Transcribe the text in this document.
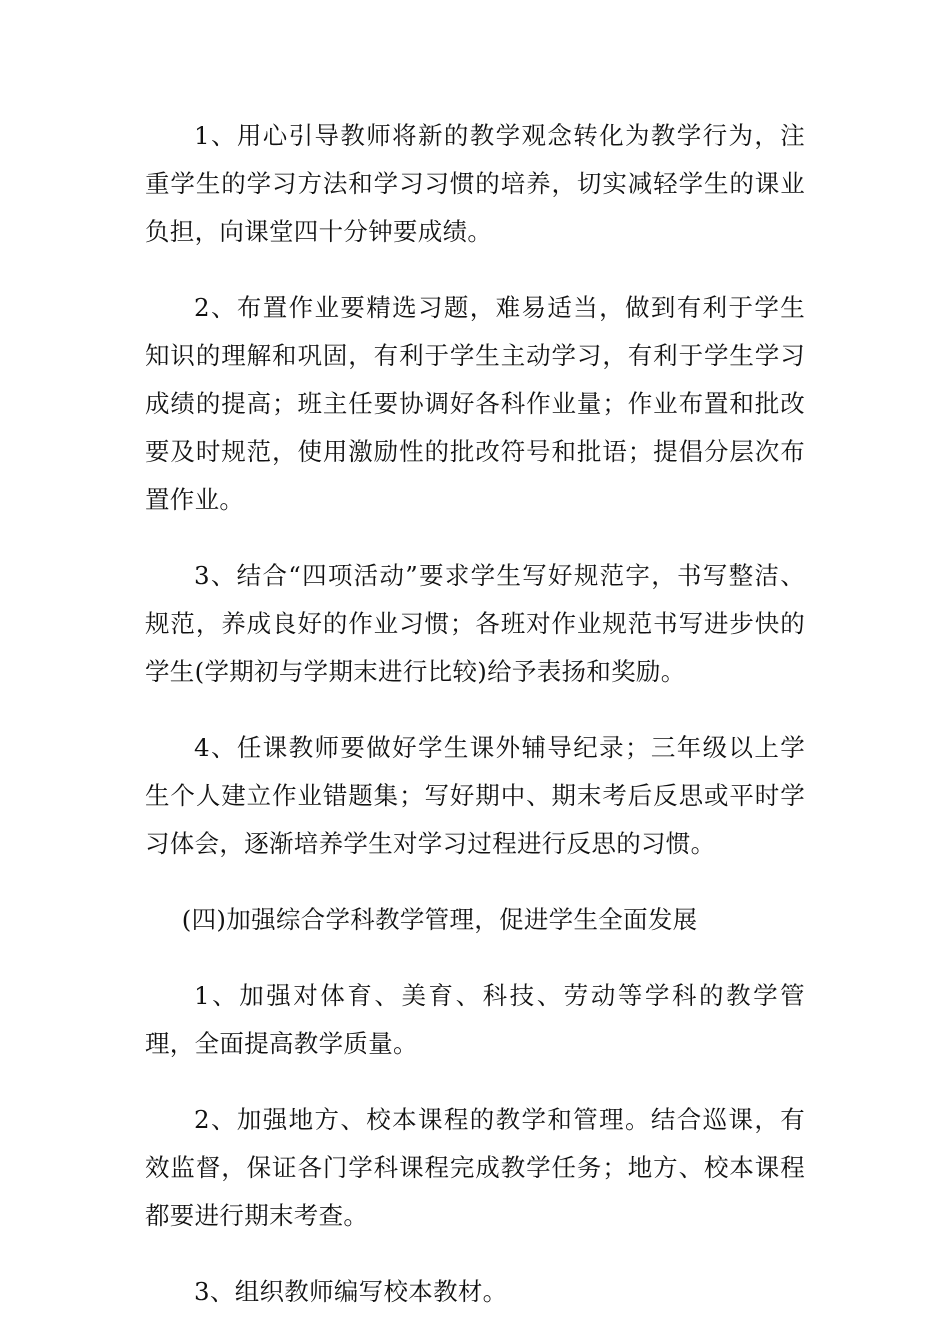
1、用心引导教师将新的教学观念转化为教学行为，注重学生的学习方法和学习习惯的培养，切实减轻学生的课业负担，向课堂四十分钟要成绩。

2、布置作业要精选习题，难易适当，做到有利于学生知识的理解和巩固，有利于学生主动学习，有利于学生学习成绩的提高；班主任要协调好各科作业量；作业布置和批改要及时规范，使用激励性的批改符号和批语；提倡分层次布置作业。

3、结合“四项活动”要求学生写好规范字，书写整洁、规范，养成良好的作业习惯；各班对作业规范书写进步快的学生(学期初与学期末进行比较)给予表扬和奖励。

4、任课教师要做好学生课外辅导纪录；三年级以上学生个人建立作业错题集；写好期中、期末考后反思或平时学习体会，逐渐培养学生对学习过程进行反思的习惯。

(四)加强综合学科教学管理，促进学生全面发展

1、加强对体育、美育、科技、劳动等学科的教学管理，全面提高教学质量。

2、加强地方、校本课程的教学和管理。结合巡课，有效监督，保证各门学科课程完成教学任务；地方、校本课程都要进行期末考查。

3、组织教师编写校本教材。
